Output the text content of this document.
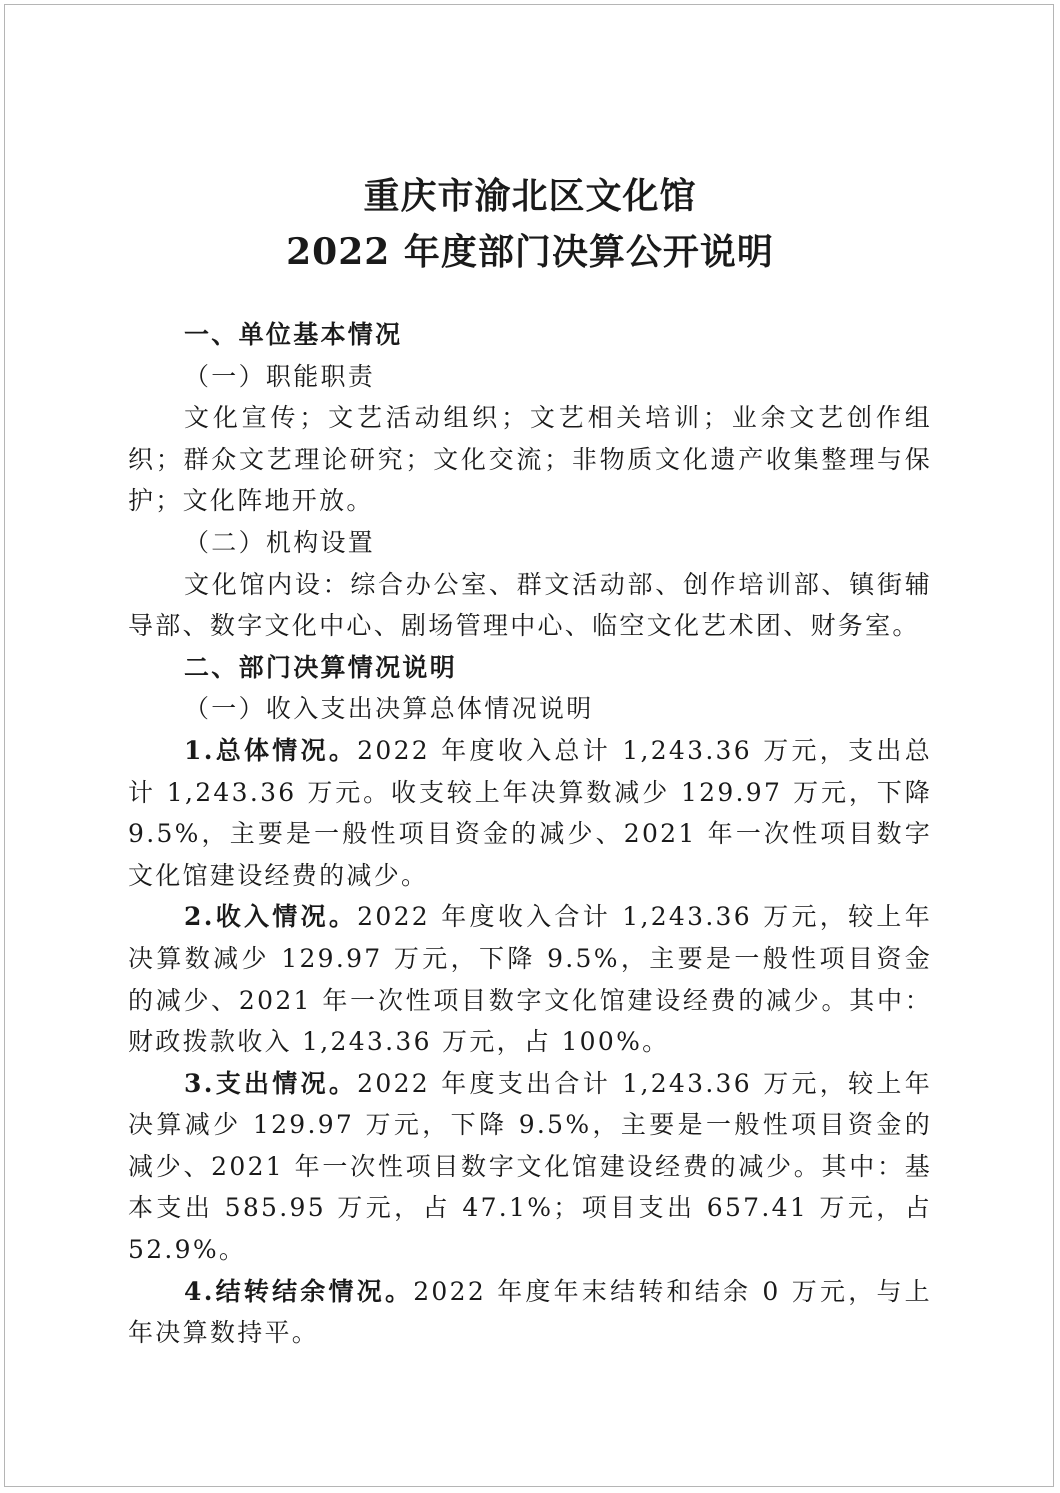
重庆市渝北区文化馆

2022 年度部门决算公开说明

一、单位基本情况

（一）职能职责

文化宣传；文艺活动组织；文艺相关培训；业余文艺创作组织；群众文艺理论研究；文化交流；非物质文化遗产收集整理与保护；文化阵地开放。

（二）机构设置

文化馆内设：综合办公室、群文活动部、创作培训部、镇街辅导部、数字文化中心、剧场管理中心、临空文化艺术团、财务室。

二、部门决算情况说明

（一）收入支出决算总体情况说明

1.总体情况。2022 年度收入总计 1,243.36 万元，支出总计 1,243.36 万元。收支较上年决算数减少 129.97 万元，下降 9.5%，主要是一般性项目资金的减少、2021 年一次性项目数字文化馆建设经费的减少。

2.收入情况。2022 年度收入合计 1,243.36 万元，较上年决算数减少 129.97 万元，下降 9.5%，主要是一般性项目资金的减少、2021 年一次性项目数字文化馆建设经费的减少。其中：财政拨款收入 1,243.36 万元，占 100%。

3.支出情况。2022 年度支出合计 1,243.36 万元，较上年决算减少 129.97 万元，下降 9.5%，主要是一般性项目资金的减少、2021 年一次性项目数字文化馆建设经费的减少。其中：基本支出 585.95 万元，占 47.1%；项目支出 657.41 万元，占 52.9%。

4.结转结余情况。2022 年度年末结转和结余 0 万元，与上年决算数持平。
